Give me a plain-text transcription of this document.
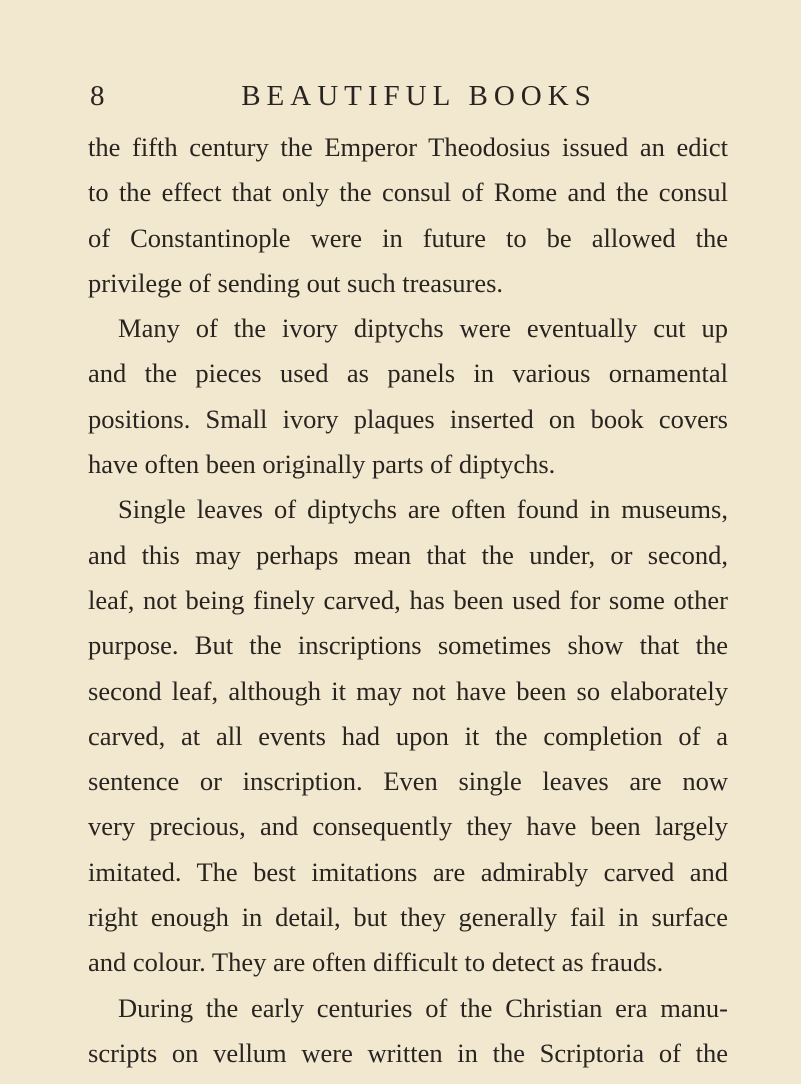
8	BEAUTIFUL BOOKS
the fifth century the Emperor Theodosius issued an edict
to the effect that only the consul of Rome and the consul
of Constantinople were in future to be allowed the
privilege of sending out such treasures.
Many of the ivory diptychs were eventually cut up
and the pieces used as panels in various ornamental
positions. Small ivory plaques inserted on book covers
have often been originally parts of diptychs.
Single leaves of diptychs are often found in museums,
and this may perhaps mean that the under, or second,
leaf, not being finely carved, has been used for some other
purpose. But the inscriptions sometimes show that the
second leaf, although it may not have been so elaborately
carved, at all events had upon it the completion of a
sentence or inscription. Even single leaves are now
very precious, and consequently they have been largely
imitated. The best imitations are admirably carved and
right enough in detail, but they generally fail in surface
and colour. They are often difficult to detect as frauds.
During the early centuries of the Christian era manu-
scripts on vellum were written in the Scriptoria of the
